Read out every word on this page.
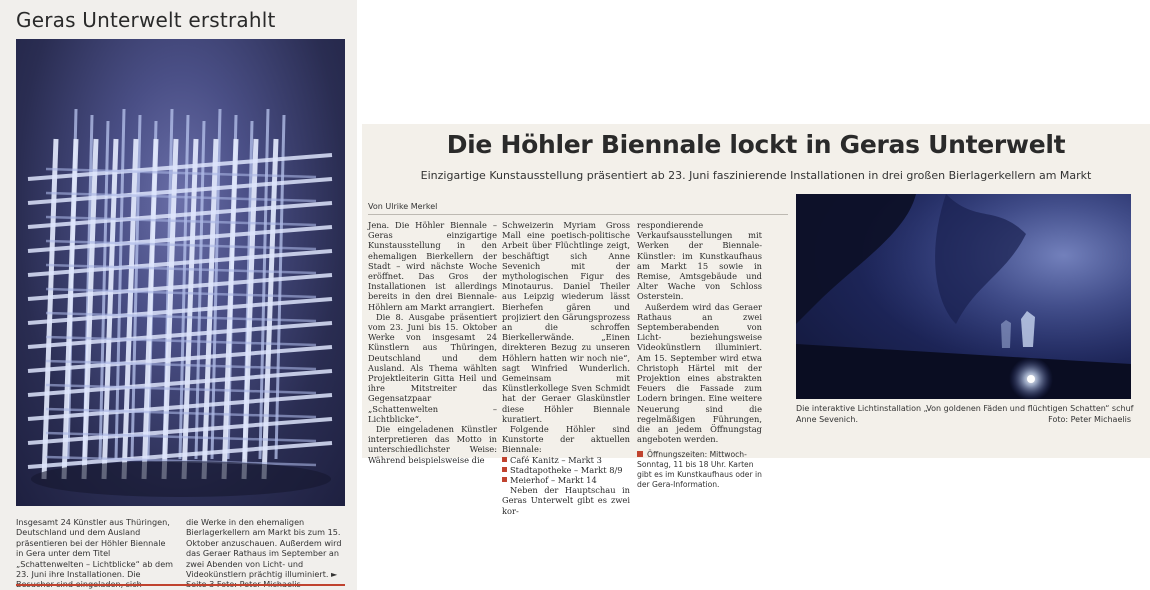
Geras Unterwelt erstrahlt

Insgesamt 24 Künstler aus Thüringen, Deutschland und dem Ausland präsentieren bei der Höhler Biennale in Gera unter dem Titel „Schattenwelten – Lichtblicke“ ab dem 23. Juni ihre Installationen. Die

die Werke in den ehemaligen Bierlagerkellern am Markt bis zum 15. Oktober anzuschauen. Außerdem wird das Geraer Rathaus im September an zwei Abenden von Licht- und Videokünstlern prächtig illuminiert. ►

Die Höhler Biennale lockt in Geras Unterwelt
Einzigartige Kunstausstellung präsentiert ab 23. Juni faszinierende Installationen in drei großen Bierlagerkellern am Markt
Von Ulrike Merkel

Jena. Die Höhler Biennale – Geras einzigartige Kunstausstellung in den ehemaligen Bierkellern der Stadt – wird nächste Woche eröffnet. Das Gros der Installationen ist allerdings bereits in den drei Biennale-Höhlern am Markt arrangiert.

Die 8. Ausgabe präsentiert vom 23. Juni bis 15. Oktober Werke von insgesamt 24 Künstlern aus Thüringen, Deutschland und dem Ausland. Als Thema wählten Projektleiterin Gitta Heil und ihre Mitstreiter das Gegensatzpaar „Schattenwelten – Lichtblicke“.

Die eingeladenen Künstler interpretieren das Motto in unterschiedlichster Weise: Während beispielsweise die

Schweizerin Myriam Gross Mall eine poetisch-politische Arbeit über Flüchtlinge zeigt, beschäftigt sich Anne Sevenich mit der mythologischen Figur des Minotaurus. Daniel Theiler aus Leipzig wiederum lässt Bierhefen gären und projiziert den Gärungsprozess an die schroffen Bierkellerwände. „Einen direkteren Bezug zu unseren Höhlern hatten wir noch nie“, sagt Winfried Wunderlich. Gemeinsam mit Künstlerkollege Sven Schmidt hat der Geraer Glaskünstler diese Höhler Biennale kuratiert.

Folgende Höhler sind Kunstorte der aktuellen Biennale:

Café Kanitz – Markt 3
Stadtapotheke – Markt 8/9
Meierhof – Markt 14

Neben der Hauptschau in Geras Unterwelt gibt es zwei kor-

respondierende Verkaufsausstellungen mit Werken der Biennale-Künstler: im Kunstkaufhaus am Markt 15 sowie in Remise, Amtsgebäude und Alter Wache von Schloss Osterstein.

Außerdem wird das Geraer Rathaus an zwei Septemberabenden von Licht- beziehungsweise Videokünstlern illuminiert. Am 15. September wird etwa Christoph Härtel mit der Projektion eines abstrakten Feuers die Fassade zum Lodern bringen. Eine weitere Neuerung sind die regelmäßigen Führungen, die an jedem Öffnungstag angeboten werden.

Öffnungszeiten: Mittwoch-Sonntag, 11 bis 18 Uhr. Karten gibt es im Kunstkaufhaus oder in der Gera-Information.
Die interaktive Lichtinstallation „Von goldenen Fäden und flüchtigen Schatten“ schuf Anne Sevenich.	Foto: Peter Michaelis
